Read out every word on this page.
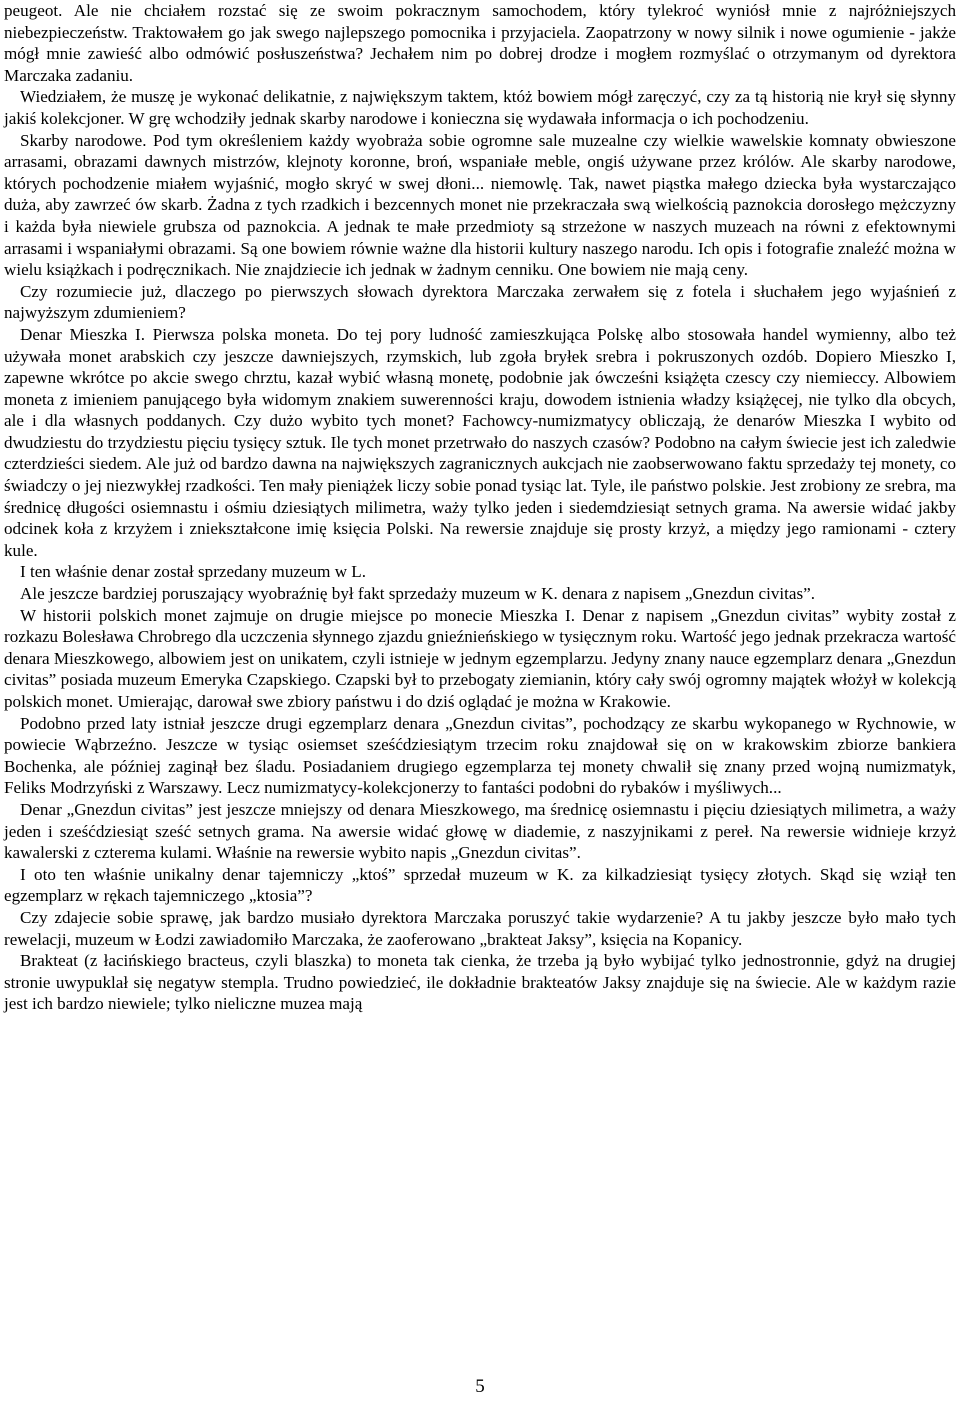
peugeot. Ale nie chciałem rozstać się ze swoim pokracznym samochodem, który tylekroć wyniósł mnie z najróżniejszych niebezpieczeństw. Traktowałem go jak swego najlepszego pomocnika i przyjaciela. Zaopatrzony w nowy silnik i nowe ogumienie - jakże mógł mnie zawieść albo odmówić posłuszeństwa? Jechałem nim po dobrej drodze i mogłem rozmyślać o otrzymanym od dyrektora Marczaka zadaniu.

Wiedziałem, że muszę je wykonać delikatnie, z największym taktem, któż bowiem mógł zaręczyć, czy za tą historią nie krył się słynny jakiś kolekcjoner. W grę wchodziły jednak skarby narodowe i konieczna się wydawała informacja o ich pochodzeniu.

Skarby narodowe. Pod tym określeniem każdy wyobraża sobie ogromne sale muzealne czy wielkie wawelskie komnaty obwieszone arrasami, obrazami dawnych mistrzów, klejnoty koronne, broń, wspaniałe meble, ongiś używane przez królów. Ale skarby narodowe, których pochodzenie miałem wyjaśnić, mogło skryć w swej dłoni... niemowlę. Tak, nawet piąstka małego dziecka była wystarczająco duża, aby zawrzeć ów skarb. Żadna z tych rzadkich i bezcennych monet nie przekraczała swą wielkością paznokcia dorosłego mężczyzny i każda była niewiele grubsza od paznokcia. A jednak te małe przedmioty są strzeżone w naszych muzeach na równi z efektownymi arrasami i wspaniałymi obrazami. Są one bowiem równie ważne dla historii kultury naszego narodu. Ich opis i fotografie znaleźć można w wielu książkach i podręcznikach. Nie znajdziecie ich jednak w żadnym cenniku. One bowiem nie mają ceny.

Czy rozumiecie już, dlaczego po pierwszych słowach dyrektora Marczaka zerwałem się z fotela i słuchałem jego wyjaśnień z najwyższym zdumieniem?

Denar Mieszka I. Pierwsza polska moneta. Do tej pory ludność zamieszkująca Polskę albo stosowała handel wymienny, albo też używała monet arabskich czy jeszcze dawniejszych, rzymskich, lub zgoła bryłek srebra i pokruszonych ozdób. Dopiero Mieszko I, zapewne wkrótce po akcie swego chrztu, kazał wybić własną monetę, podobnie jak ówcześni książęta czescy czy niemieccy. Albowiem moneta z imieniem panującego była widomym znakiem suwerenności kraju, dowodem istnienia władzy książęcej, nie tylko dla obcych, ale i dla własnych poddanych. Czy dużo wybito tych monet? Fachowcy-numizmatycy obliczają, że denarów Mieszka I wybito od dwudziestu do trzydziestu pięciu tysięcy sztuk. Ile tych monet przetrwało do naszych czasów? Podobno na całym świecie jest ich zaledwie czterdzieści siedem. Ale już od bardzo dawna na największych zagranicznych aukcjach nie zaobserwowano faktu sprzedaży tej monety, co świadczy o jej niezwykłej rzadkości. Ten mały pieniążek liczy sobie ponad tysiąc lat. Tyle, ile państwo polskie. Jest zrobiony ze srebra, ma średnicę długości osiemnastu i ośmiu dziesiątych milimetra, waży tylko jeden i siedemdziesiąt setnych grama. Na awersie widać jakby odcinek koła z krzyżem i zniekształcone imię księcia Polski. Na rewersie znajduje się prosty krzyż, a między jego ramionami - cztery kule.

I ten właśnie denar został sprzedany muzeum w L.

Ale jeszcze bardziej poruszający wyobraźnię był fakt sprzedaży muzeum w K. denara z napisem „Gnezdun civitas”.

W historii polskich monet zajmuje on drugie miejsce po monecie Mieszka I. Denar z napisem „Gnezdun civitas” wybity został z rozkazu Bolesława Chrobrego dla uczczenia słynnego zjazdu gnieźnieńskiego w tysięcznym roku. Wartość jego jednak przekracza wartość denara Mieszkowego, albowiem jest on unikatem, czyli istnieje w jednym egzemplarzu. Jedyny znany nauce egzemplarz denara „Gnezdun civitas” posiada muzeum Emeryka Czapskiego. Czapski był to przebogaty ziemianin, który cały swój ogromny majątek włożył w kolekcją polskich monet. Umierając, darował swe zbiory państwu i do dziś oglądać je można w Krakowie.

Podobno przed laty istniał jeszcze drugi egzemplarz denara „Gnezdun civitas”, pochodzący ze skarbu wykopanego w Rychnowie, w powiecie Wąbrzeźno. Jeszcze w tysiąc osiemset sześćdziesiątym trzecim roku znajdował się on w krakowskim zbiorze bankiera Bochenka, ale później zaginął bez śladu. Posiadaniem drugiego egzemplarza tej monety chwalił się znany przed wojną numizmatyk, Feliks Modrzyński z Warszawy. Lecz numizmatycy-kolekcjonerzy to fantaści podobni do rybaków i myśliwych...

Denar „Gnezdun civitas” jest jeszcze mniejszy od denara Mieszkowego, ma średnicę osiemnastu i pięciu dziesiątych milimetra, a waży jeden i sześćdziesiąt sześć setnych grama. Na awersie widać głowę w diademie, z naszyjnikami z pereł. Na rewersie widnieje krzyż kawalerski z czterema kulami. Właśnie na rewersie wybito napis „Gnezdun civitas”.

I oto ten właśnie unikalny denar tajemniczy „ktoś” sprzedał muzeum w K. za kilkadziesiąt tysięcy złotych. Skąd się wziął ten egzemplarz w rękach tajemniczego „ktosia”?

Czy zdajecie sobie sprawę, jak bardzo musiało dyrektora Marczaka poruszyć takie wydarzenie? A tu jakby jeszcze było mało tych rewelacji, muzeum w Łodzi zawiadomiło Marczaka, że zaoferowano „brakteat Jaksy”, księcia na Kopanicy.

Brakteat (z łacińskiego bracteus, czyli blaszka) to moneta tak cienka, że trzeba ją było wybijać tylko jednostronnie, gdyż na drugiej stronie uwypuklał się negatyw stempla. Trudno powiedzieć, ile dokładnie brakteatów Jaksy znajduje się na świecie. Ale w każdym razie jest ich bardzo niewiele; tylko nieliczne muzea mają

5
